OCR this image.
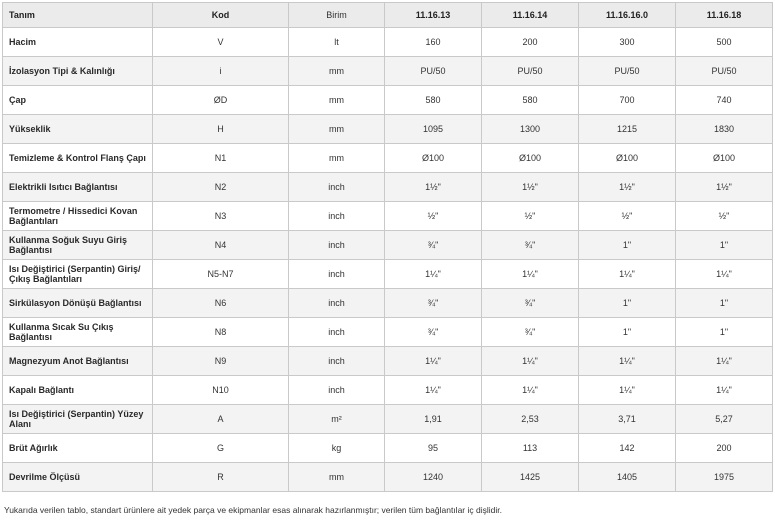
Tanım	Kod	Birim	11.16.13	11.16.14	11.16.16.0	11.16.18
Hacim	V	lt	160	200	300	500
İzolasyon Tipi & Kalınlığı	i	mm	PU/50	PU/50	PU/50	PU/50
Çap	ØD	mm	580	580	700	740
Yükseklik	H	mm	1095	1300	1215	1830
Temizleme & Kontrol Flanş Çapı	N1	mm	Ø100	Ø100	Ø100	Ø100
Elektrikli Isıtıcı Bağlantısı	N2	inch	1½"	1½"	1½"	1½"
Termometre / Hissedici Kovan Bağlantıları	N3	inch	½"	½"	½"	½"
Kullanma Soğuk Suyu Giriş Bağlantısı	N4	inch	¾"	¾"	1"	1"
Isı Değiştirici (Serpantin) Giriş/Çıkış Bağlantıları	N5-N7	inch	1¼"	1¼"	1¼"	1¼"
Sirkülasyon Dönüşü Bağlantısı	N6	inch	¾"	¾"	1"	1"
Kullanma Sıcak Su Çıkış Bağlantısı	N8	inch	¾"	¾"	1"	1"
Magnezyum Anot Bağlantısı	N9	inch	1¼"	1¼"	1¼"	1¼"
Kapalı Bağlantı	N10	inch	1¼"	1¼"	1¼"	1¼"
Isı Değiştirici (Serpantin) Yüzey Alanı	A	m²	1,91	2,53	3,71	5,27
Brüt Ağırlık	G	kg	95	113	142	200
Devrilme Ölçüsü	R	mm	1240	1425	1405	1975
Yukarıda verilen tablo, standart ürünlere ait yedek parça ve ekipmanlar esas alınarak hazırlanmıştır; verilen tüm bağlantılar iç dişlidir.
